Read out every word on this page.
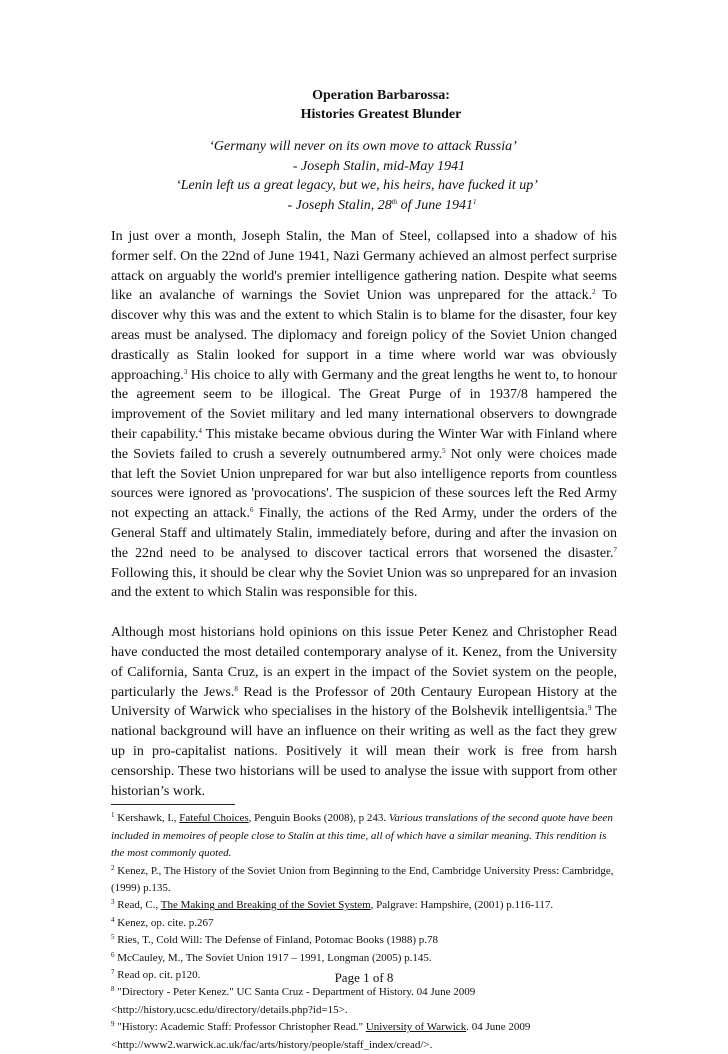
Operation Barbarossa:
Histories Greatest Blunder
‘Germany will never on its own move to attack Russia’
- Joseph Stalin, mid-May 1941
‘Lenin left us a great legacy, but we, his heirs, have fucked it up’
- Joseph Stalin, 28th of June 1941$^1$

In just over a month, Joseph Stalin, the Man of Steel, collapsed into a shadow of his former self. On the 22nd of June 1941, Nazi Germany achieved an almost perfect surprise attack on arguably the world's premier intelligence gathering nation. Despite what seems like an avalanche of warnings the Soviet Union was unprepared for the attack.$^2$ To discover why this was and the extent to which Stalin is to blame for the disaster, four key areas must be analysed. The diplomacy and foreign policy of the Soviet Union changed drastically as Stalin looked for support in a time where world war was obviously approaching.$^3$ His choice to ally with Germany and the great lengths he went to, to honour the agreement seem to be illogical. The Great Purge of in 1937/8 hampered the improvement of the Soviet military and led many international observers to downgrade their capability.$^4$ This mistake became obvious during the Winter War with Finland where the Soviets failed to crush a severely outnumbered army.$^5$ Not only were choices made that left the Soviet Union unprepared for war but also intelligence reports from countless sources were ignored as 'provocations'. The suspicion of these sources left the Red Army not expecting an attack.$^6$ Finally, the actions of the Red Army, under the orders of the General Staff and ultimately Stalin, immediately before, during and after the invasion on the 22nd need to be analysed to discover tactical errors that worsened the disaster.$^7$ Following this, it should be clear why the Soviet Union was so unprepared for an invasion and the extent to which Stalin was responsible for this.

Although most historians hold opinions on this issue Peter Kenez and Christopher Read have conducted the most detailed contemporary analyse of it. Kenez, from the University of California, Santa Cruz, is an expert in the impact of the Soviet system on the people, particularly the Jews.$^8$ Read is the Professor of 20th Centaury European History at the University of Warwick who specialises in the history of the Bolshevik intelligentsia.$^9$ The national background will have an influence on their writing as well as the fact they grew up in pro-capitalist nations. Positively it will mean their work is free from harsh censorship. These two historians will be used to analyse the issue with support from other historian’s work.

$^1$ Kershawk, I., Fateful Choices, Penguin Books (2008), p 243. Various translations of the second quote have been included in memoires of people close to Stalin at this time, all of which have a similar meaning. This rendition is the most commonly quoted.
$^2$ Kenez, P., The History of the Soviet Union from Beginning to the End, Cambridge University Press: Cambridge, (1999) p.135.
$^3$ Read, C., The Making and Breaking of the Soviet System, Palgrave: Hampshire, (2001) p.116-117.
$^4$ Kenez, op. cite. p.267
$^5$ Ries, T., Cold Will: The Defense of Finland, Potomac Books (1988) p.78
$^6$ McCauley, M., The Soviet Union 1917 – 1991, Longman (2005) p.145.
$^7$ Read op. cit. p120.
$^8$ "Directory - Peter Kenez." UC Santa Cruz - Department of History. 04 June 2009 <http://history.ucsc.edu/directory/details.php?id=15>.
$^9$ "History: Academic Staff: Professor Christopher Read." University of Warwick. 04 June 2009 <http://www2.warwick.ac.uk/fac/arts/history/people/staff_index/cread/>.
Page 1 of 8
